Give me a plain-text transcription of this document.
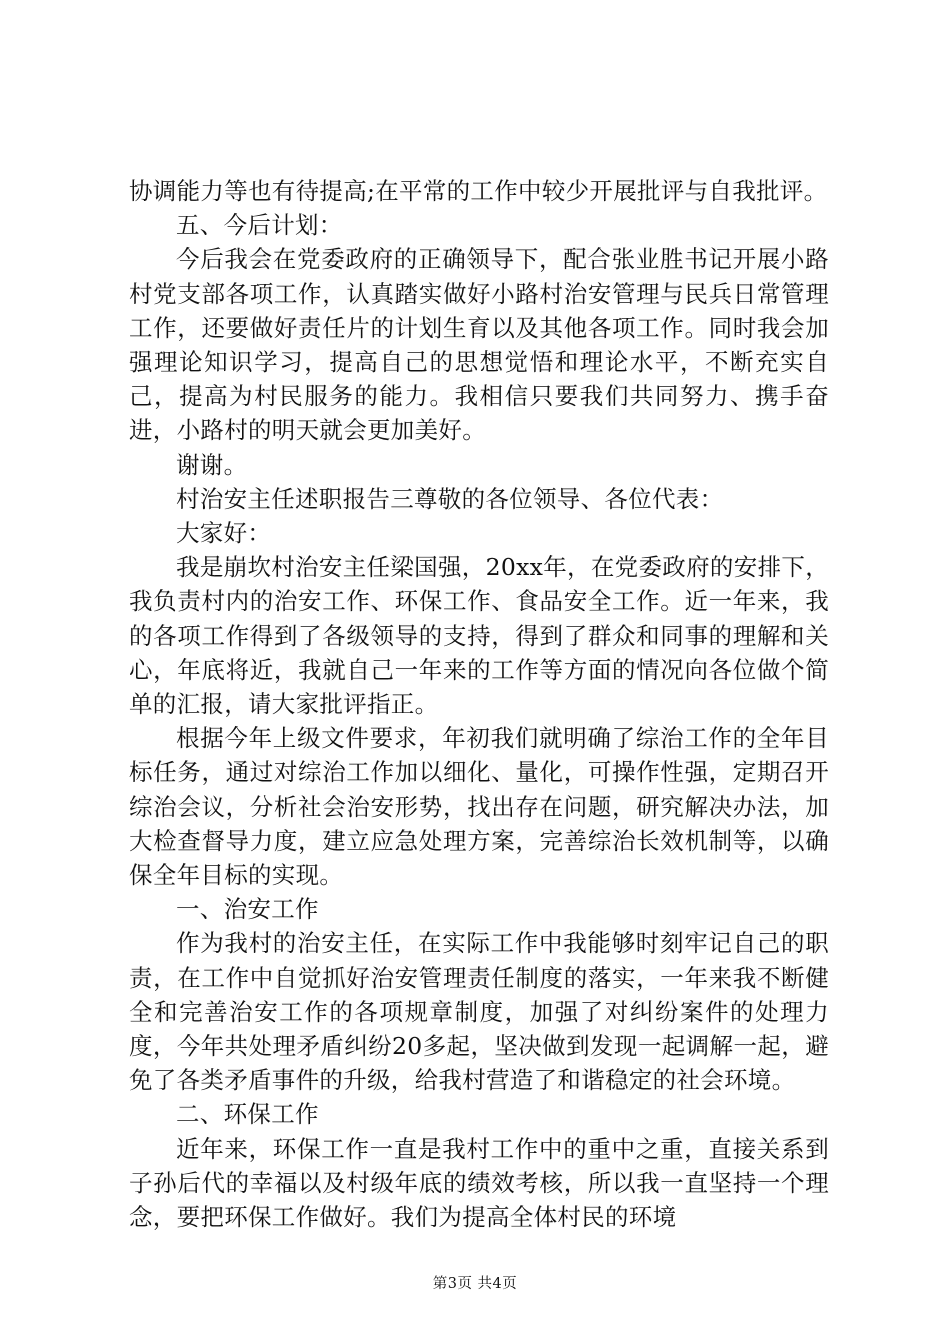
协调能力等也有待提高;在平常的工作中较少开展批评与自我批评。

五、今后计划：

今后我会在党委政府的正确领导下，配合张业胜书记开展小路村党支部各项工作，认真踏实做好小路村治安管理与民兵日常管理工作，还要做好责任片的计划生育以及其他各项工作。同时我会加强理论知识学习，提高自己的思想觉悟和理论水平，不断充实自己，提高为村民服务的能力。我相信只要我们共同努力、携手奋进，小路村的明天就会更加美好。

谢谢。

村治安主任述职报告三尊敬的各位领导、各位代表：

大家好：

我是崩坎村治安主任梁国强，20xx年，在党委政府的安排下，我负责村内的治安工作、环保工作、食品安全工作。近一年来，我的各项工作得到了各级领导的支持，得到了群众和同事的理解和关心，年底将近，我就自己一年来的工作等方面的情况向各位做个简单的汇报，请大家批评指正。

根据今年上级文件要求，年初我们就明确了综治工作的全年目标任务，通过对综治工作加以细化、量化，可操作性强，定期召开综治会议，分析社会治安形势，找出存在问题，研究解决办法，加大检查督导力度，建立应急处理方案，完善综治长效机制等，以确保全年目标的实现。

一、治安工作

作为我村的治安主任，在实际工作中我能够时刻牢记自己的职责，在工作中自觉抓好治安管理责任制度的落实，一年来我不断健全和完善治安工作的各项规章制度，加强了对纠纷案件的处理力度，今年共处理矛盾纠纷20多起，坚决做到发现一起调解一起，避免了各类矛盾事件的升级，给我村营造了和谐稳定的社会环境。

二、环保工作

近年来，环保工作一直是我村工作中的重中之重，直接关系到子孙后代的幸福以及村级年底的绩效考核，所以我一直坚持一个理念，要把环保工作做好。我们为提高全体村民的环境

第3页 共4页
